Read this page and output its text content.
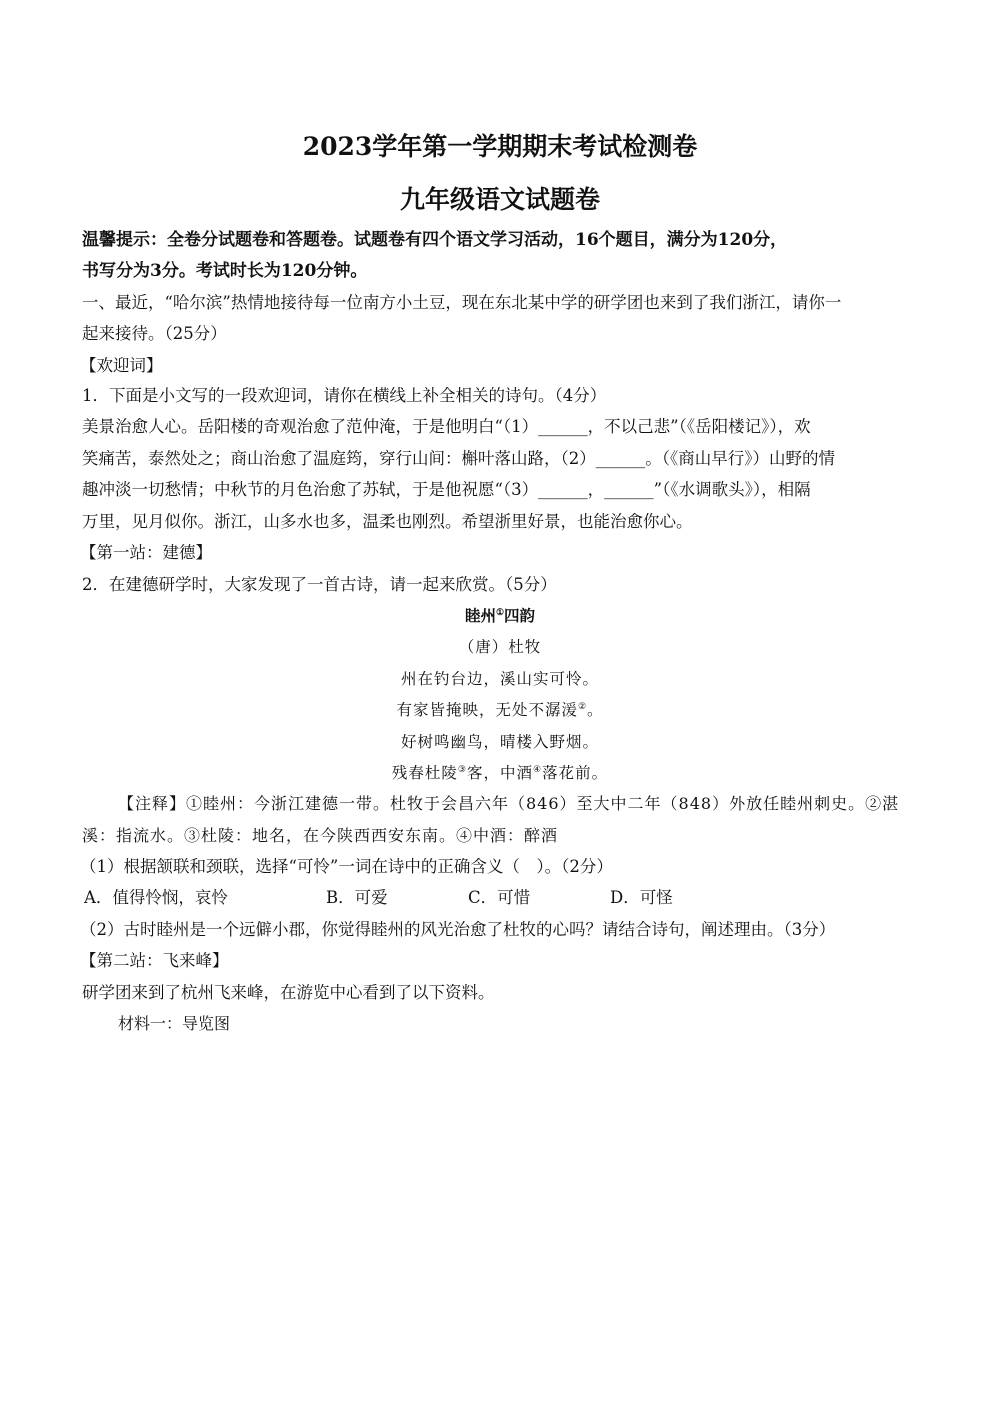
2023学年第一学期期末考试检测卷
九年级语文试题卷
温馨提示：全卷分试题卷和答题卷。试题卷有四个语文学习活动，16个题目，满分为120分，
书写分为3分。考试时长为120分钟。
一、最近，“哈尔滨”热情地接待每一位南方小土豆，现在东北某中学的研学团也来到了我们浙江，请你一
起来接待。（25分）
【欢迎词】
1．下面是小文写的一段欢迎词，请你在横线上补全相关的诗句。（4分）
美景治愈人心。岳阳楼的奇观治愈了范仲淹，于是他明白“（1）______，不以己悲”（《岳阳楼记》），欢
笑痛苦，泰然处之；商山治愈了温庭筠，穿行山间：槲叶落山路，（2）______。（《商山早行》）山野的情
趣冲淡一切愁情；中秋节的月色治愈了苏轼，于是他祝愿“（3）______，______”（《水调歌头》），相隔
万里，见月似你。浙江，山多水也多，温柔也刚烈。希望浙里好景，也能治愈你心。
【第一站：建德】
2．在建德研学时，大家发现了一首古诗，请一起来欣赏。（5分）
睦州①四韵
（唐）杜牧
州在钓台边，溪山实可怜。
有家皆掩映，无处不潺湲②。
好树鸣幽鸟，晴楼入野烟。
残春杜陵③客，中酒④落花前。
【注释】①睦州：今浙江建德一带。杜牧于会昌六年（846）至大中二年（848）外放任睦州刺史。②湛
溪：指流水。③杜陵：地名，在今陕西西安东南。④中酒：醉酒
（1）根据颔联和颈联，选择“可怜”一词在诗中的正确含义（　）。（2分）
A．值得怜悯，哀怜	B．可爱	C．可惜	D．可怪
（2）古时睦州是一个远僻小郡，你觉得睦州的风光治愈了杜牧的心吗？请结合诗句，阐述理由。（3分）
【第二站：飞来峰】
研学团来到了杭州飞来峰，在游览中心看到了以下资料。
材料一：导览图
